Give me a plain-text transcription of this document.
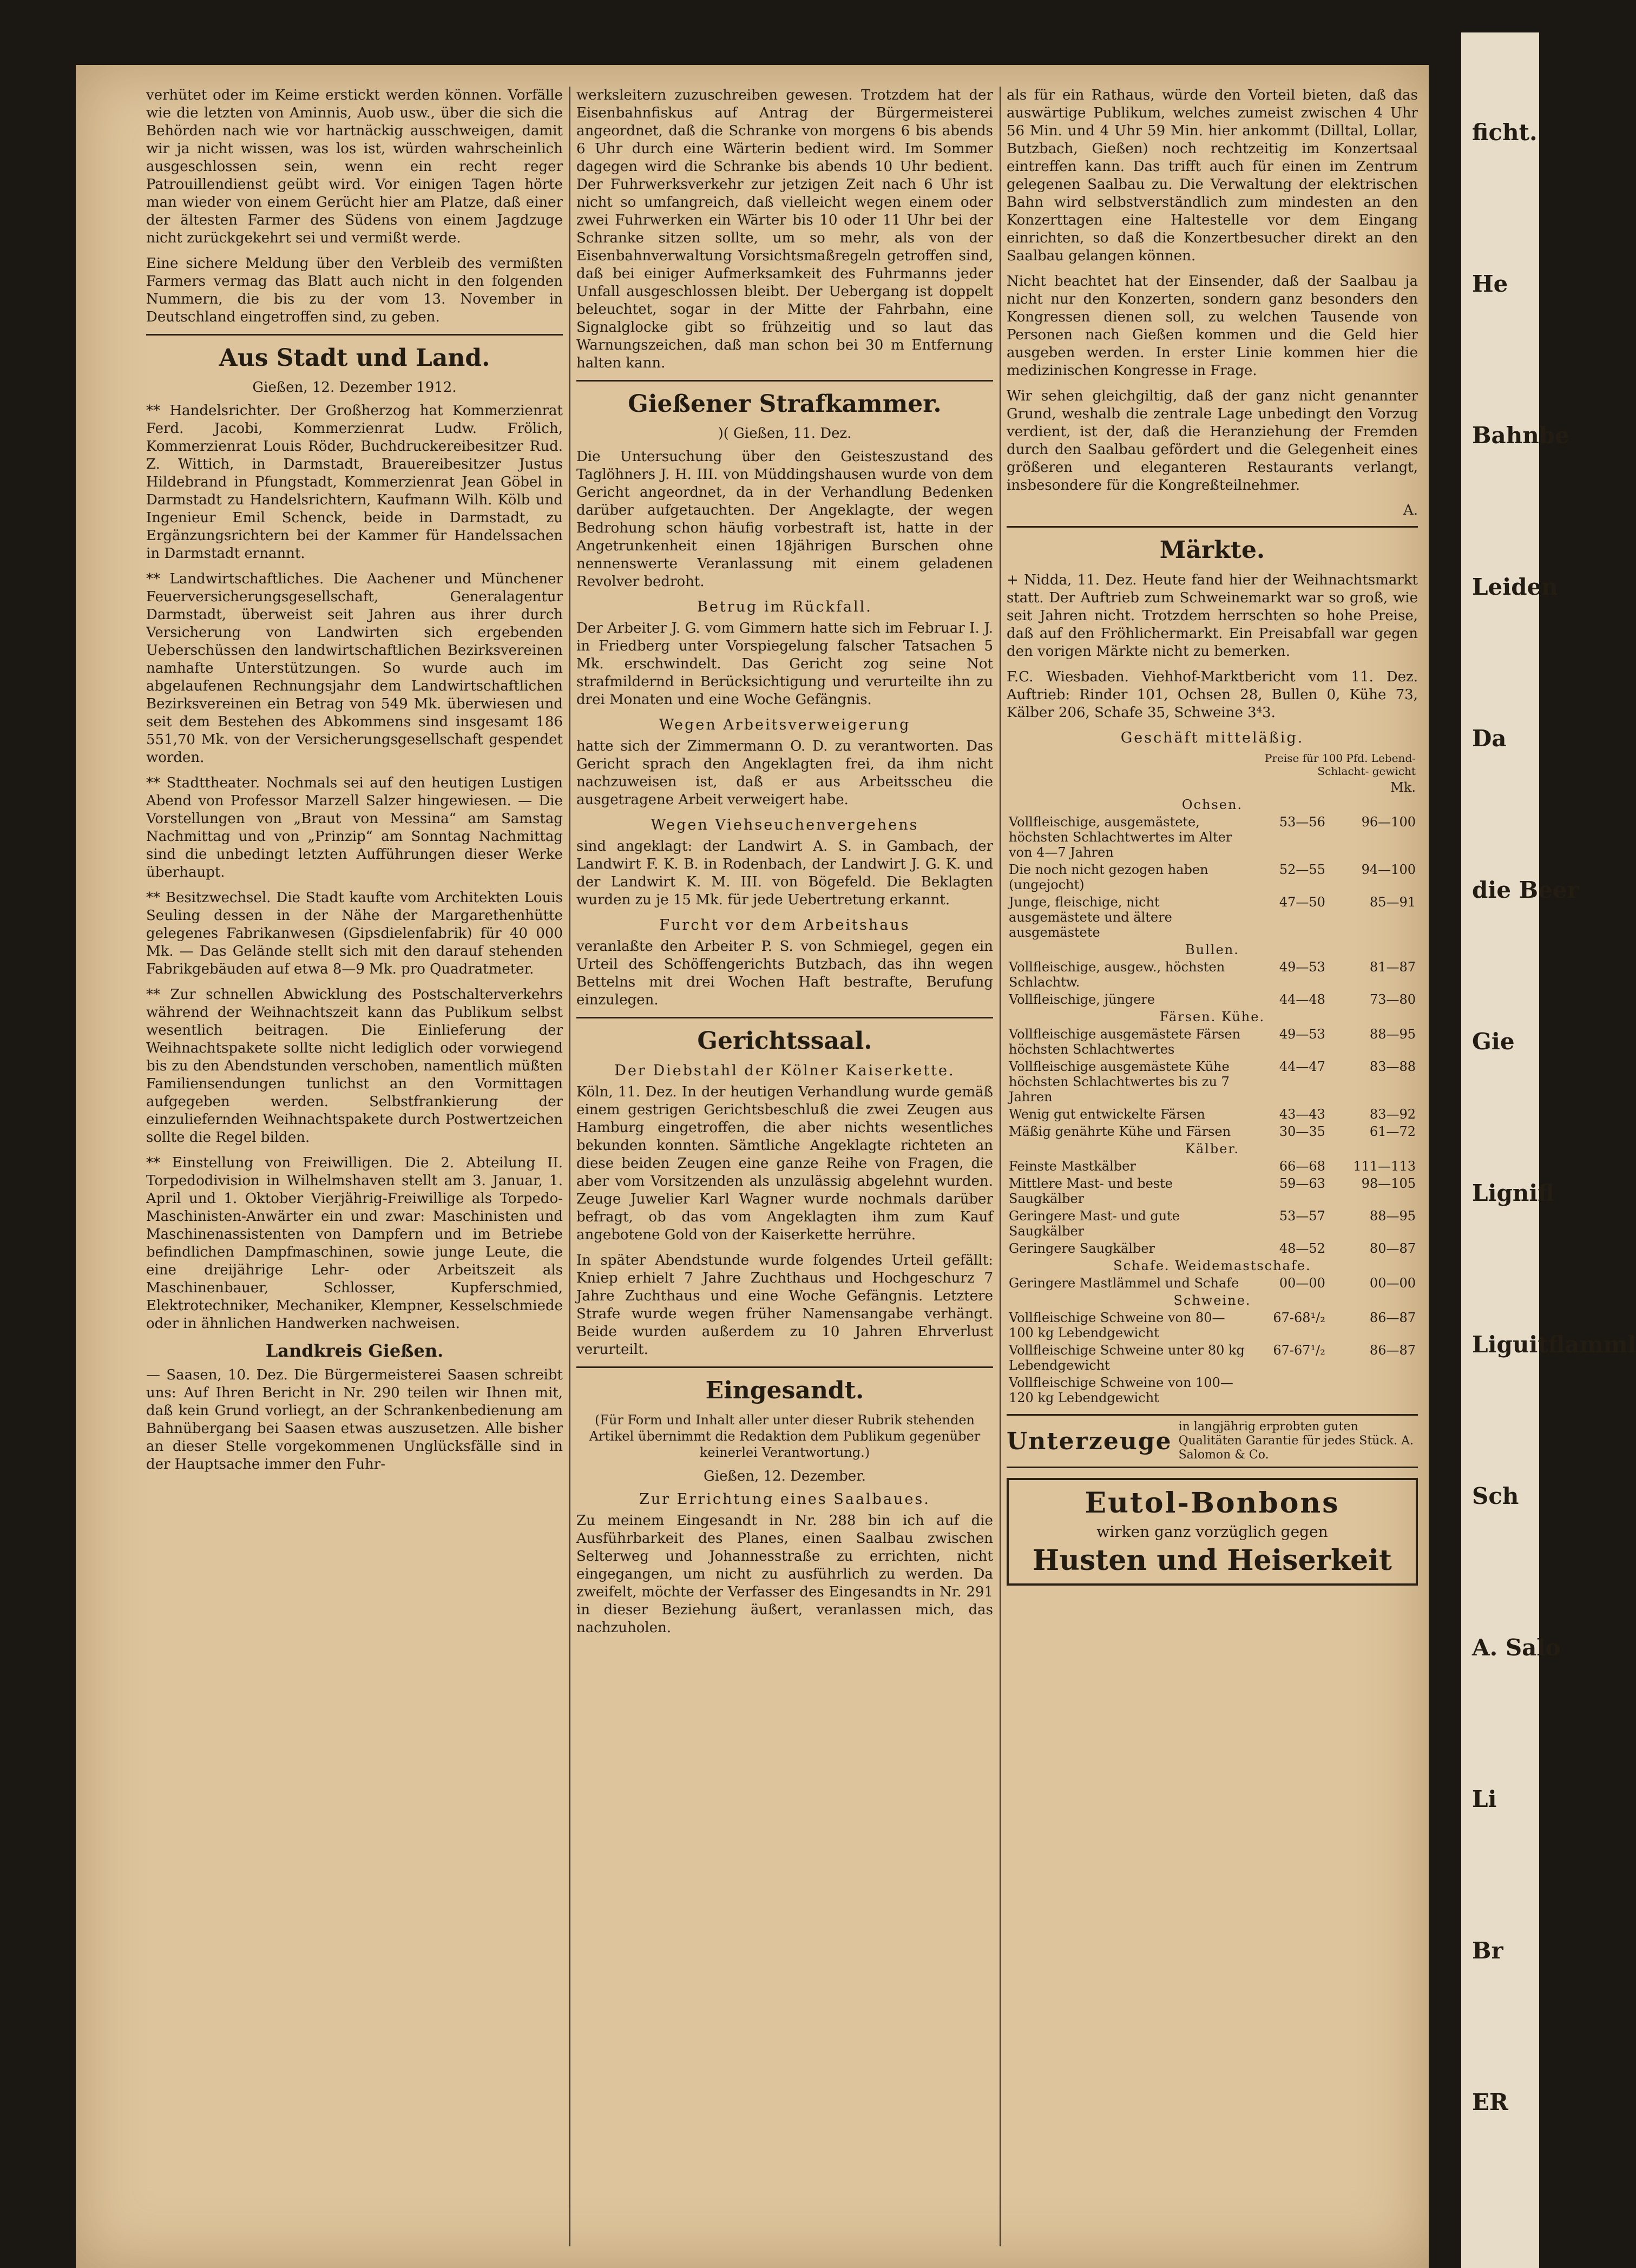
ficht.
He
Bahnbe
Leiden
Da
die Beer
Gie
Lignifl
Liguitflamml
Sch
A. Salo
Li
Br
ER

verhütet oder im Keime erstickt werden können. Vorfälle wie die letzten von Aminnis, Auob usw., über die sich die Behörden nach wie vor hartnäckig ausschweigen, damit wir ja nicht wissen, was los ist, würden wahrscheinlich ausgeschlossen sein, wenn ein recht reger Patrouillendienst geübt wird. Vor einigen Tagen hörte man wieder von einem Gerücht hier am Platze, daß einer der ältesten Farmer des Südens von einem Jagdzuge nicht zurückgekehrt sei und vermißt werde.

Eine sichere Meldung über den Verbleib des vermißten Farmers vermag das Blatt auch nicht in den folgenden Nummern, die bis zu der vom 13. November in Deutschland eingetroffen sind, zu geben.

Aus Stadt und Land.
Gießen, 12. Dezember 1912.

** Handelsrichter. Der Großherzog hat Kommerzienrat Ferd. Jacobi, Kommerzienrat Ludw. Frölich, Kommerzienrat Louis Röder, Buchdruckereibesitzer Rud. Z. Wittich, in Darmstadt, Brauereibesitzer Justus Hildebrand in Pfungstadt, Kommerzienrat Jean Göbel in Darmstadt zu Handelsrichtern, Kaufmann Wilh. Kölb und Ingenieur Emil Schenck, beide in Darmstadt, zu Ergänzungsrichtern bei der Kammer für Handelssachen in Darmstadt ernannt.

** Landwirtschaftliches. Die Aachener und Münchener Feuerversicherungsgesellschaft, Generalagentur Darmstadt, überweist seit Jahren aus ihrer durch Versicherung von Landwirten sich ergebenden Ueberschüssen den landwirtschaftlichen Bezirksvereinen namhafte Unterstützungen. So wurde auch im abgelaufenen Rechnungsjahr dem Landwirtschaftlichen Bezirksvereinen ein Betrag von 549 Mk. überwiesen und seit dem Bestehen des Abkommens sind insgesamt 186 551,70 Mk. von der Versicherungsgesellschaft gespendet worden.

** Stadttheater. Nochmals sei auf den heutigen Lustigen Abend von Professor Marzell Salzer hingewiesen. — Die Vorstellungen von „Braut von Messina“ am Samstag Nachmittag und von „Prinzip“ am Sonntag Nachmittag sind die unbedingt letzten Aufführungen dieser Werke überhaupt.

** Besitzwechsel. Die Stadt kaufte vom Architekten Louis Seuling dessen in der Nähe der Margarethenhütte gelegenes Fabrikanwesen (Gipsdielenfabrik) für 40 000 Mk. — Das Gelände stellt sich mit den darauf stehenden Fabrikgebäuden auf etwa 8—9 Mk. pro Quadratmeter.

** Zur schnellen Abwicklung des Postschalterverkehrs während der Weihnachtszeit kann das Publikum selbst wesentlich beitragen. Die Einlieferung der Weihnachtspakete sollte nicht lediglich oder vorwiegend bis zu den Abendstunden verschoben, namentlich müßten Familiensendungen tunlichst an den Vormittagen aufgegeben werden. Selbstfrankierung der einzuliefernden Weihnachtspakete durch Postwertzeichen sollte die Regel bilden.

** Einstellung von Freiwilligen. Die 2. Abteilung II. Torpedodivision in Wilhelmshaven stellt am 3. Januar, 1. April und 1. Oktober Vierjährig-Freiwillige als Torpedo-Maschinisten-Anwärter ein und zwar: Maschinisten und Maschinenassistenten von Dampfern und im Betriebe befindlichen Dampfmaschinen, sowie junge Leute, die eine dreijährige Lehr- oder Arbeitszeit als Maschinenbauer, Schlosser, Kupferschmied, Elektrotechniker, Mechaniker, Klempner, Kesselschmiede oder in ähnlichen Handwerken nachweisen.

Landkreis Gießen.

— Saasen, 10. Dez. Die Bürgermeisterei Saasen schreibt uns: Auf Ihren Bericht in Nr. 290 teilen wir Ihnen mit, daß kein Grund vorliegt, an der Schrankenbedienung am Bahnübergang bei Saasen etwas auszusetzen. Alle bisher an dieser Stelle vorgekommenen Unglücksfälle sind in der Hauptsache immer den Fuhr-

werksleitern zuzuschreiben gewesen. Trotzdem hat der Eisenbahnfiskus auf Antrag der Bürgermeisterei angeordnet, daß die Schranke von morgens 6 bis abends 6 Uhr durch eine Wärterin bedient wird. Im Sommer dagegen wird die Schranke bis abends 10 Uhr bedient. Der Fuhrwerksverkehr zur jetzigen Zeit nach 6 Uhr ist nicht so umfangreich, daß vielleicht wegen einem oder zwei Fuhrwerken ein Wärter bis 10 oder 11 Uhr bei der Schranke sitzen sollte, um so mehr, als von der Eisenbahnverwaltung Vorsichtsmaßregeln getroffen sind, daß bei einiger Aufmerksamkeit des Fuhrmanns jeder Unfall ausgeschlossen bleibt. Der Uebergang ist doppelt beleuchtet, sogar in der Mitte der Fahrbahn, eine Signalglocke gibt so frühzeitig und so laut das Warnungszeichen, daß man schon bei 30 m Entfernung halten kann.

Gießener Strafkammer.
)( Gießen, 11. Dez.

Die Untersuchung über den Geisteszustand des Taglöhners J. H. III. von Müddingshausen wurde von dem Gericht angeordnet, da in der Verhandlung Bedenken darüber aufgetauchten. Der Angeklagte, der wegen Bedrohung schon häufig vorbestraft ist, hatte in der Angetrunkenheit einen 18jährigen Burschen ohne nennenswerte Veranlassung mit einem geladenen Revolver bedroht.

Betrug im Rückfall.

Der Arbeiter J. G. vom Gimmern hatte sich im Februar I. J. in Friedberg unter Vorspiegelung falscher Tatsachen 5 Mk. erschwindelt. Das Gericht zog seine Not strafmildernd in Berücksichtigung und verurteilte ihn zu drei Monaten und eine Woche Gefängnis.

Wegen Arbeitsverweigerung

hatte sich der Zimmermann O. D. zu verantworten. Das Gericht sprach den Angeklagten frei, da ihm nicht nachzuweisen ist, daß er aus Arbeitsscheu die ausgetragene Arbeit verweigert habe.

Wegen Viehseuchenvergehens

sind angeklagt: der Landwirt A. S. in Gambach, der Landwirt F. K. B. in Rodenbach, der Landwirt J. G. K. und der Landwirt K. M. III. von Bögefeld. Die Beklagten wurden zu je 15 Mk. für jede Uebertretung erkannt.

Furcht vor dem Arbeitshaus

veranlaßte den Arbeiter P. S. von Schmiegel, gegen ein Urteil des Schöffengerichts Butzbach, das ihn wegen Bettelns mit drei Wochen Haft bestrafte, Berufung einzulegen.

Gerichtssaal.
Der Diebstahl der Kölner Kaiserkette.

Köln, 11. Dez. In der heutigen Verhandlung wurde gemäß einem gestrigen Gerichtsbeschluß die zwei Zeugen aus Hamburg eingetroffen, die aber nichts wesentliches bekunden konnten. Sämtliche Angeklagte richteten an diese beiden Zeugen eine ganze Reihe von Fragen, die aber vom Vorsitzenden als unzulässig abgelehnt wurden. Zeuge Juwelier Karl Wagner wurde nochmals darüber befragt, ob das vom Angeklagten ihm zum Kauf angebotene Gold von der Kaiserkette herrühre.

In später Abendstunde wurde folgendes Urteil gefällt: Kniep erhielt 7 Jahre Zuchthaus und Hochgeschurz 7 Jahre Zuchthaus und eine Woche Gefängnis. Letztere Strafe wurde wegen früher Namensangabe verhängt. Beide wurden außerdem zu 10 Jahren Ehrverlust verurteilt.

Eingesandt.

(Für Form und Inhalt aller unter dieser Rubrik stehenden Artikel übernimmt die Redaktion dem Publikum gegenüber keinerlei Verantwortung.)

Gießen, 12. Dezember.
Zur Errichtung eines Saalbaues.

Zu meinem Eingesandt in Nr. 288 bin ich auf die Ausführbarkeit des Planes, einen Saalbau zwischen Selterweg und Johannesstraße zu errichten, nicht eingegangen, um nicht zu ausführlich zu werden. Da zweifelt, möchte der Verfasser des Eingesandts in Nr. 291 in dieser Beziehung äußert, veranlassen mich, das nachzuholen.

als für ein Rathaus, würde den Vorteil bieten, daß das auswärtige Publikum, welches zumeist zwischen 4 Uhr 56 Min. und 4 Uhr 59 Min. hier ankommt (Dilltal, Lollar, Butzbach, Gießen) noch rechtzeitig im Konzertsaal eintreffen kann. Das trifft auch für einen im Zentrum gelegenen Saalbau zu. Die Verwaltung der elektrischen Bahn wird selbstverständlich zum mindesten an den Konzerttagen eine Haltestelle vor dem Eingang einrichten, so daß die Konzertbesucher direkt an den Saalbau gelangen können.

Nicht beachtet hat der Einsender, daß der Saalbau ja nicht nur den Konzerten, sondern ganz besonders den Kongressen dienen soll, zu welchen Tausende von Personen nach Gießen kommen und die Geld hier ausgeben werden. In erster Linie kommen hier die medizinischen Kongresse in Frage.

Wir sehen gleichgiltig, daß der ganz nicht genannter Grund, weshalb die zentrale Lage unbedingt den Vorzug verdient, ist der, daß die Heranziehung der Fremden durch den Saalbau gefördert und die Gelegenheit eines größeren und eleganteren Restaurants verlangt, insbesondere für die Kongreßteilnehmer.

A.
Märkte.

+ Nidda, 11. Dez. Heute fand hier der Weihnachtsmarkt statt. Der Auftrieb zum Schweinemarkt war so groß, wie seit Jahren nicht. Trotzdem herrschten so hohe Preise, daß auf den Fröhlichermarkt. Ein Preisabfall war gegen den vorigen Märkte nicht zu bemerken.

F.C. Wiesbaden. Viehhof-Marktbericht vom 11. Dez. Auftrieb: Rinder 101, Ochsen 28, Bullen 0, Kühe 73, Kälber 206, Schafe 35, Schweine 3⁴3.

Geschäft mitteläßig.
	Preise für 100 Pfd. Lebend- Schlacht- gewicht	
	Mk.	
Ochsen.		
Vollfleischige, ausgemästete, höchsten Schlachtwertes im Alter von 4—7 Jahren	53—56	96—100
Die noch nicht gezogen haben (ungejocht)	52—55	94—100
Junge, fleischige, nicht ausgemästete und ältere ausgemästete	47—50	85—91
Bullen.		
Vollfleischige, ausgew., höchsten Schlachtw.	49—53	81—87
Vollfleischige, jüngere	44—48	73—80
Färsen. Kühe.		
Vollfleischige ausgemästete Färsen höchsten Schlachtwertes	49—53	88—95
Vollfleischige ausgemästete Kühe höchsten Schlachtwertes bis zu 7 Jahren	44—47	83—88
Wenig gut entwickelte Färsen	43—43	83—92
Mäßig genährte Kühe und Färsen	30—35	61—72
Kälber.		
Feinste Mastkälber	66—68	111—113
Mittlere Mast- und beste Saugkälber	59—63	98—105
Geringere Mast- und gute Saugkälber	53—57	88—95
Geringere Saugkälber	48—52	80—87
Schafe. Weidemastschafe.		
Geringere Mastlämmel und Schafe	00—00	00—00
Schweine.		
Vollfleischige Schweine von 80—100 kg Lebendgewicht	67-68¹/₂	86—87
Vollfleischige Schweine unter 80 kg Lebendgewicht	67-67¹/₂	86—87
Vollfleischige Schweine von 100—120 kg Lebendgewicht		
Unterzeuge
in langjährig erprobten guten Qualitäten Garantie für jedes Stück. A. Salomon & Co.
Eutol-Bonbons
wirken ganz vorzüglich gegen
Husten und Heiserkeit
